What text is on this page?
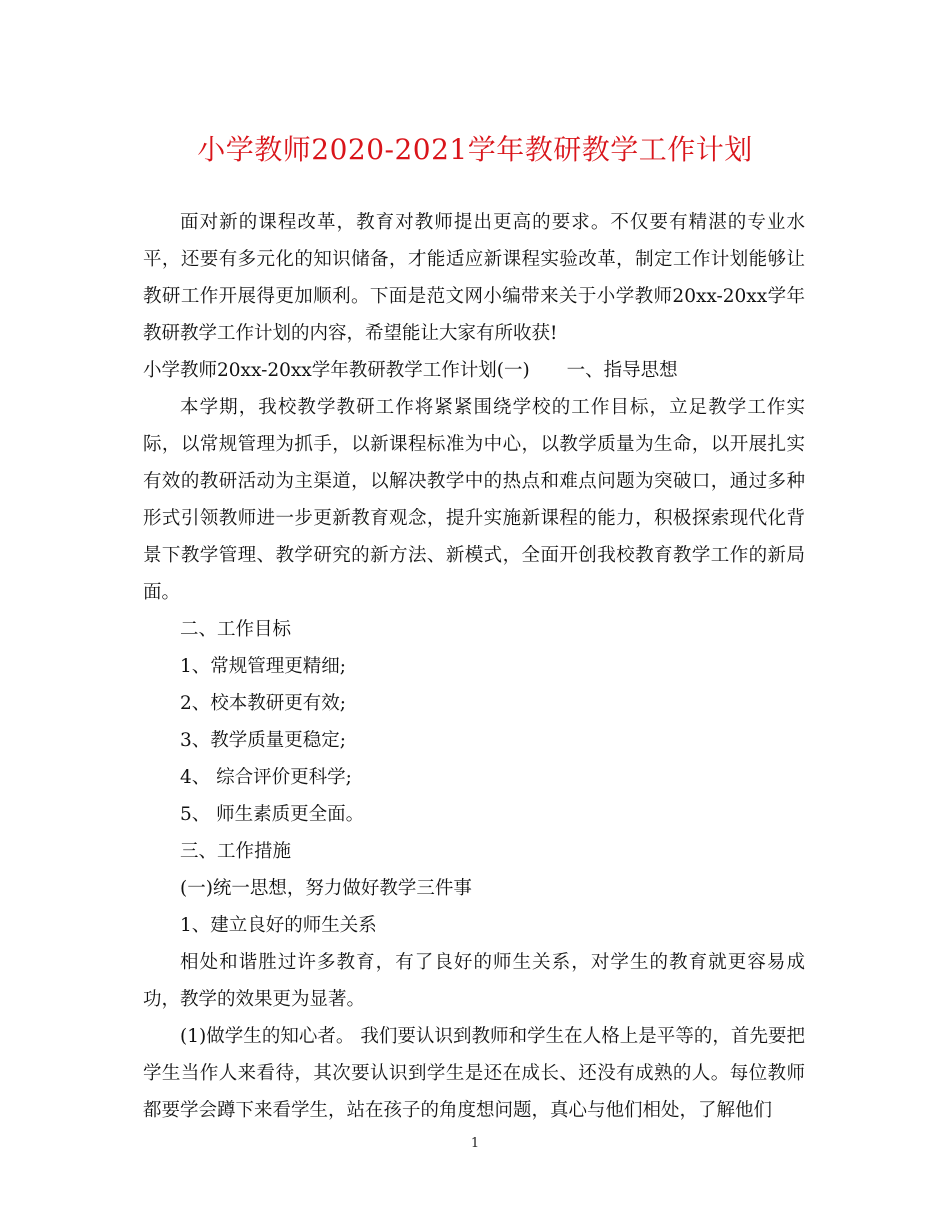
小学教师2020-2021学年教研教学工作计划

面对新的课程改革，教育对教师提出更高的要求。不仅要有精湛的专业水平，还要有多元化的知识储备，才能适应新课程实验改革，制定工作计划能够让教研工作开展得更加顺利。下面是范文网小编带来关于小学教师20xx-20xx学年教研教学工作计划的内容，希望能让大家有所收获!

小学教师20xx-20xx学年教研教学工作计划(一)　　一、指导思想

本学期，我校教学教研工作将紧紧围绕学校的工作目标，立足教学工作实际，以常规管理为抓手，以新课程标准为中心，以教学质量为生命，以开展扎实有效的教研活动为主渠道，以解决教学中的热点和难点问题为突破口，通过多种形式引领教师进一步更新教育观念，提升实施新课程的能力，积极探索现代化背景下教学管理、教学研究的新方法、新模式，全面开创我校教育教学工作的新局面。

二、工作目标

1、常规管理更精细;

2、校本教研更有效;

3、教学质量更稳定;

4、 综合评价更科学;

5、 师生素质更全面。

三、工作措施

(一)统一思想，努力做好教学三件事

1、建立良好的师生关系

相处和谐胜过许多教育，有了良好的师生关系，对学生的教育就更容易成功，教学的效果更为显著。

(1)做学生的知心者。 我们要认识到教师和学生在人格上是平等的，首先要把学生当作人来看待，其次要认识到学生是还在成长、还没有成熟的人。每位教师都要学会蹲下来看学生，站在孩子的角度想问题，真心与他们相处，了解他们

1
